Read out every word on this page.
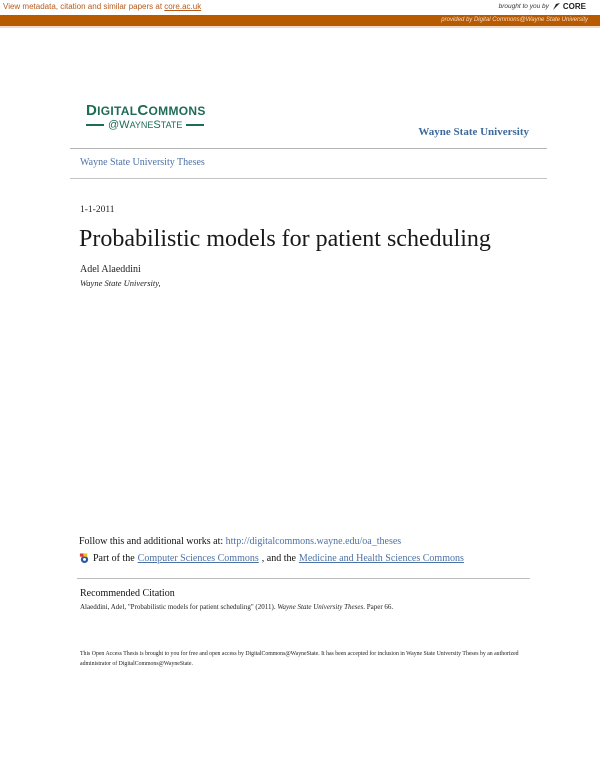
View metadata, citation and similar papers at core.ac.uk	brought to you by CORE
provided by Digital Commons@Wayne State University
DIGITALCOMMONS
@WAYNESTATE
Wayne State University
Wayne State University Theses
1-1-2011
Probabilistic models for patient scheduling
Adel Alaeddini
Wayne State University,
Follow this and additional works at: http://digitalcommons.wayne.edu/oa_theses
Part of the Computer Sciences Commons , and the Medicine and Health Sciences Commons
Recommended Citation
Alaeddini, Adel, "Probabilistic models for patient scheduling" (2011). Wayne State University Theses. Paper 66.
This Open Access Thesis is brought to you for free and open access by DigitalCommons@WayneState. It has been accepted for inclusion in Wayne State University Theses by an authorized administrator of DigitalCommons@WayneState.
